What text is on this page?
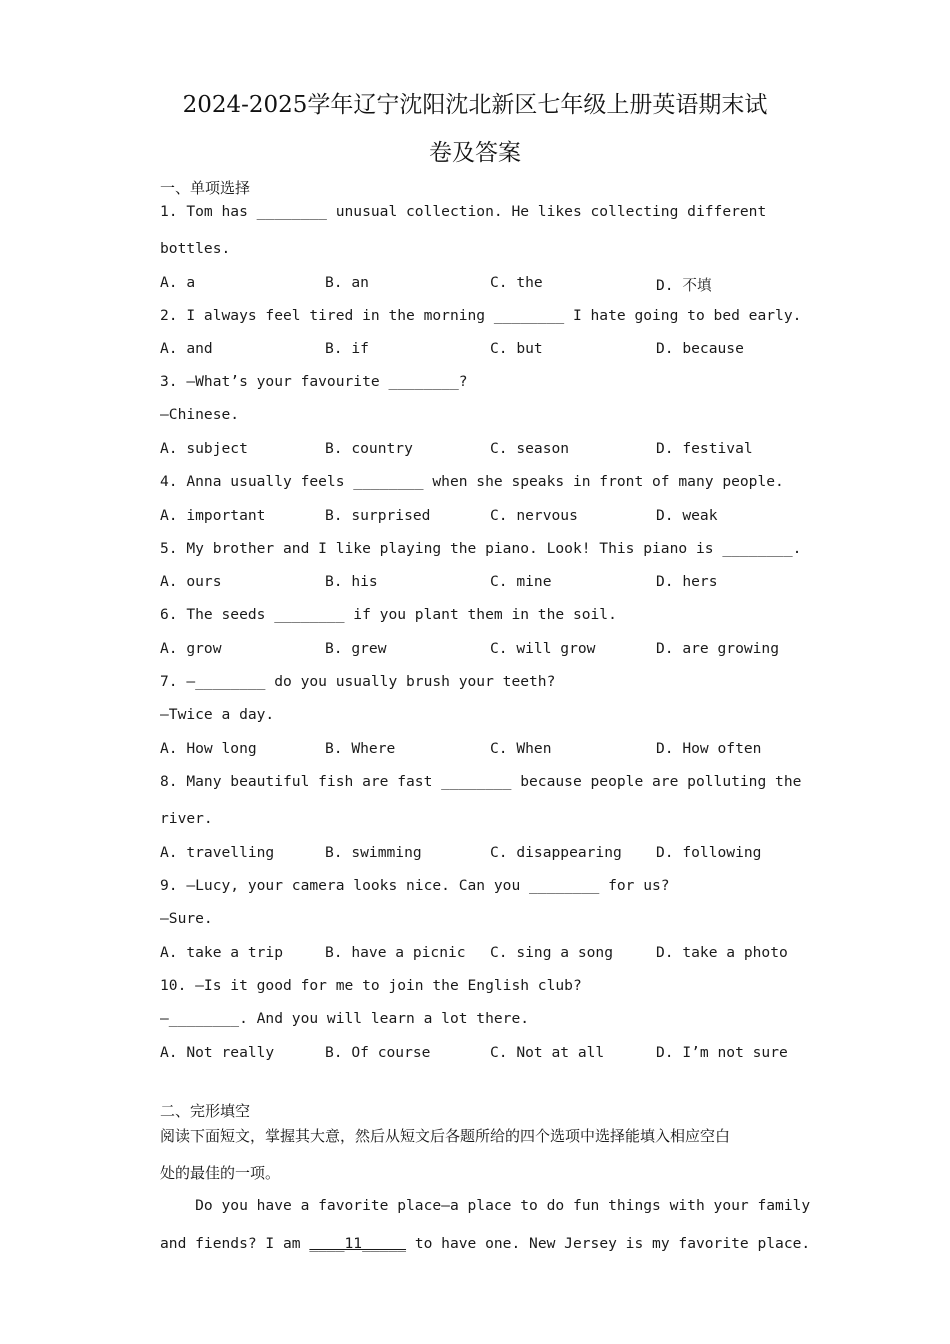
2024-2025学年辽宁沈阳沈北新区七年级上册英语期末试
卷及答案
一、单项选择
1. Tom has ________ unusual collection. He likes collecting different
bottles.
A. a	B. an	C. the	D. 不填
2. I always feel tired in the morning ________ I hate going to bed early.
A. and	B. if	C. but	D. because
3. —What’s your favourite ________?
—Chinese.
A. subject	B. country	C. season	D. festival
4. Anna usually feels ________ when she speaks in front of many people.
A. important	B. surprised	C. nervous	D. weak
5. My brother and I like playing the piano. Look! This piano is ________.
A. ours	B. his	C. mine	D. hers
6. The seeds ________ if you plant them in the soil.
A. grow	B. grew	C. will grow	D. are growing
7. —________ do you usually brush your teeth?
—Twice a day.
A. How long	B. Where	C. When	D. How often
8. Many beautiful fish are fast ________ because people are polluting the
river.
A. travelling	B. swimming	C. disappearing D. following
9. —Lucy, your camera looks nice. Can you ________ for us?
—Sure.
A. take a trip	B. have a picnic C. sing a song	D. take a photo
10. —Is it good for me to join the English club?
—________. And you will learn a lot there.
A. Not really	B. Of course	C. Not at all	D. I’m not sure
二、完形填空
阅读下面短文，掌握其大意，然后从短文后各题所给的四个选项中选择能填入相应空白
处的最佳的一项。
Do you have a favorite place—a place to do fun things with your family
and fiends? I am ____11_____ to have one. New Jersey is my favorite place.
